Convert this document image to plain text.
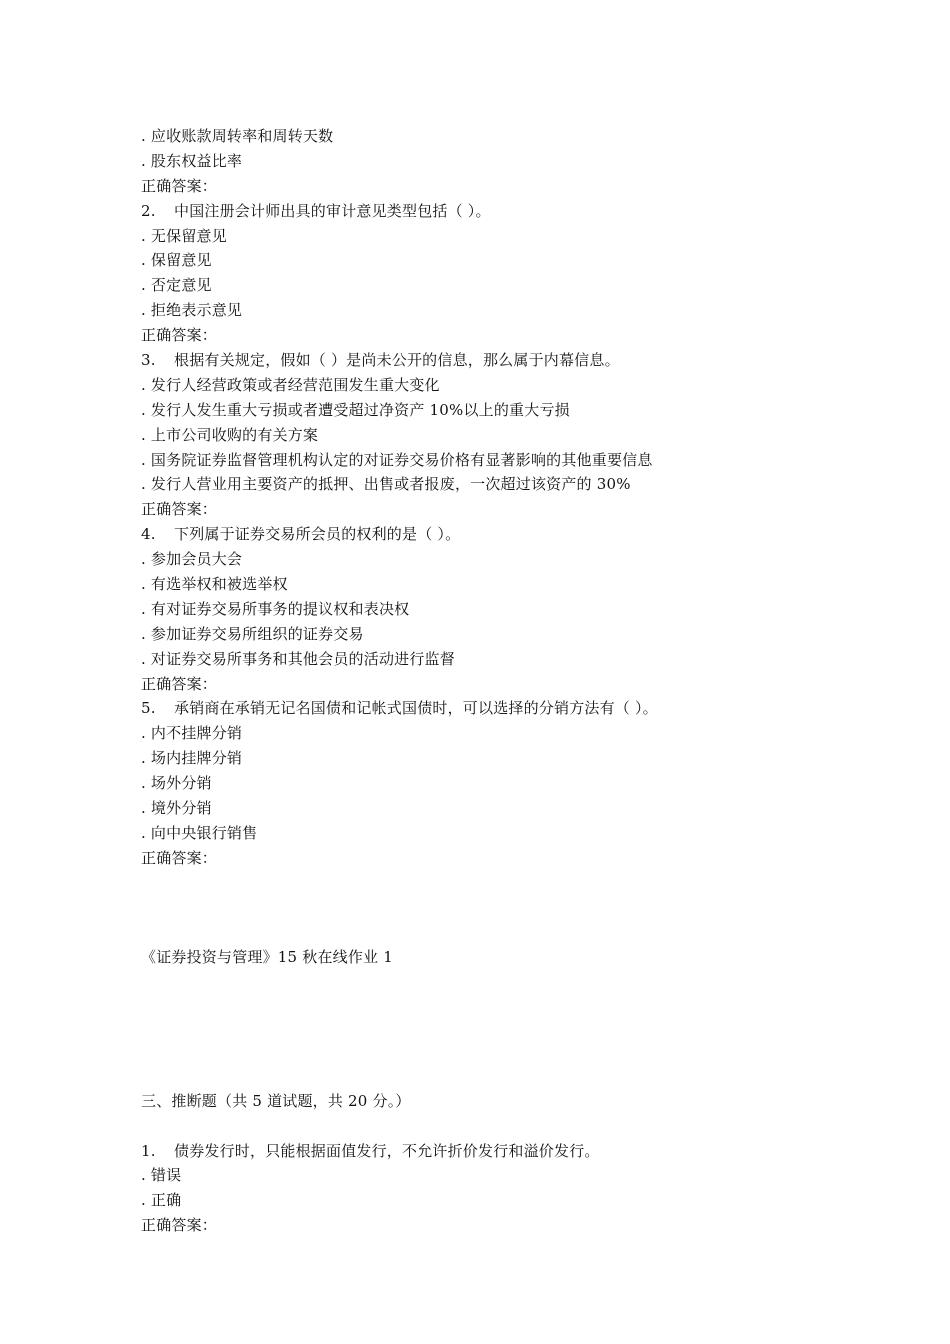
. 应收账款周转率和周转天数
. 股东权益比率
正确答案：
2. 中国注册会计师出具的审计意见类型包括（ ）。
. 无保留意见
. 保留意见
. 否定意见
. 拒绝表示意见
正确答案：
3. 根据有关规定，假如（ ）是尚未公开的信息，那么属于内幕信息。
. 发行人经营政策或者经营范围发生重大变化
. 发行人发生重大亏损或者遭受超过净资产 10%以上的重大亏损
. 上市公司收购的有关方案
. 国务院证券监督管理机构认定的对证券交易价格有显著影响的其他重要信息
. 发行人营业用主要资产的抵押、出售或者报废，一次超过该资产的 30%
正确答案：
4. 下列属于证券交易所会员的权利的是（ ）。
. 参加会员大会
. 有选举权和被选举权
. 有对证券交易所事务的提议权和表决权
. 参加证券交易所组织的证券交易
. 对证券交易所事务和其他会员的活动进行监督
正确答案：
5. 承销商在承销无记名国债和记帐式国债时，可以选择的分销方法有（ ）。
. 内不挂牌分销
. 场内挂牌分销
. 场外分销
. 境外分销
. 向中央银行销售
正确答案：
《证券投资与管理》15 秋在线作业 1
三、推断题（共 5 道试题，共 20 分。）
1. 债券发行时，只能根据面值发行，不允许折价发行和溢价发行。
. 错误
. 正确
正确答案：
